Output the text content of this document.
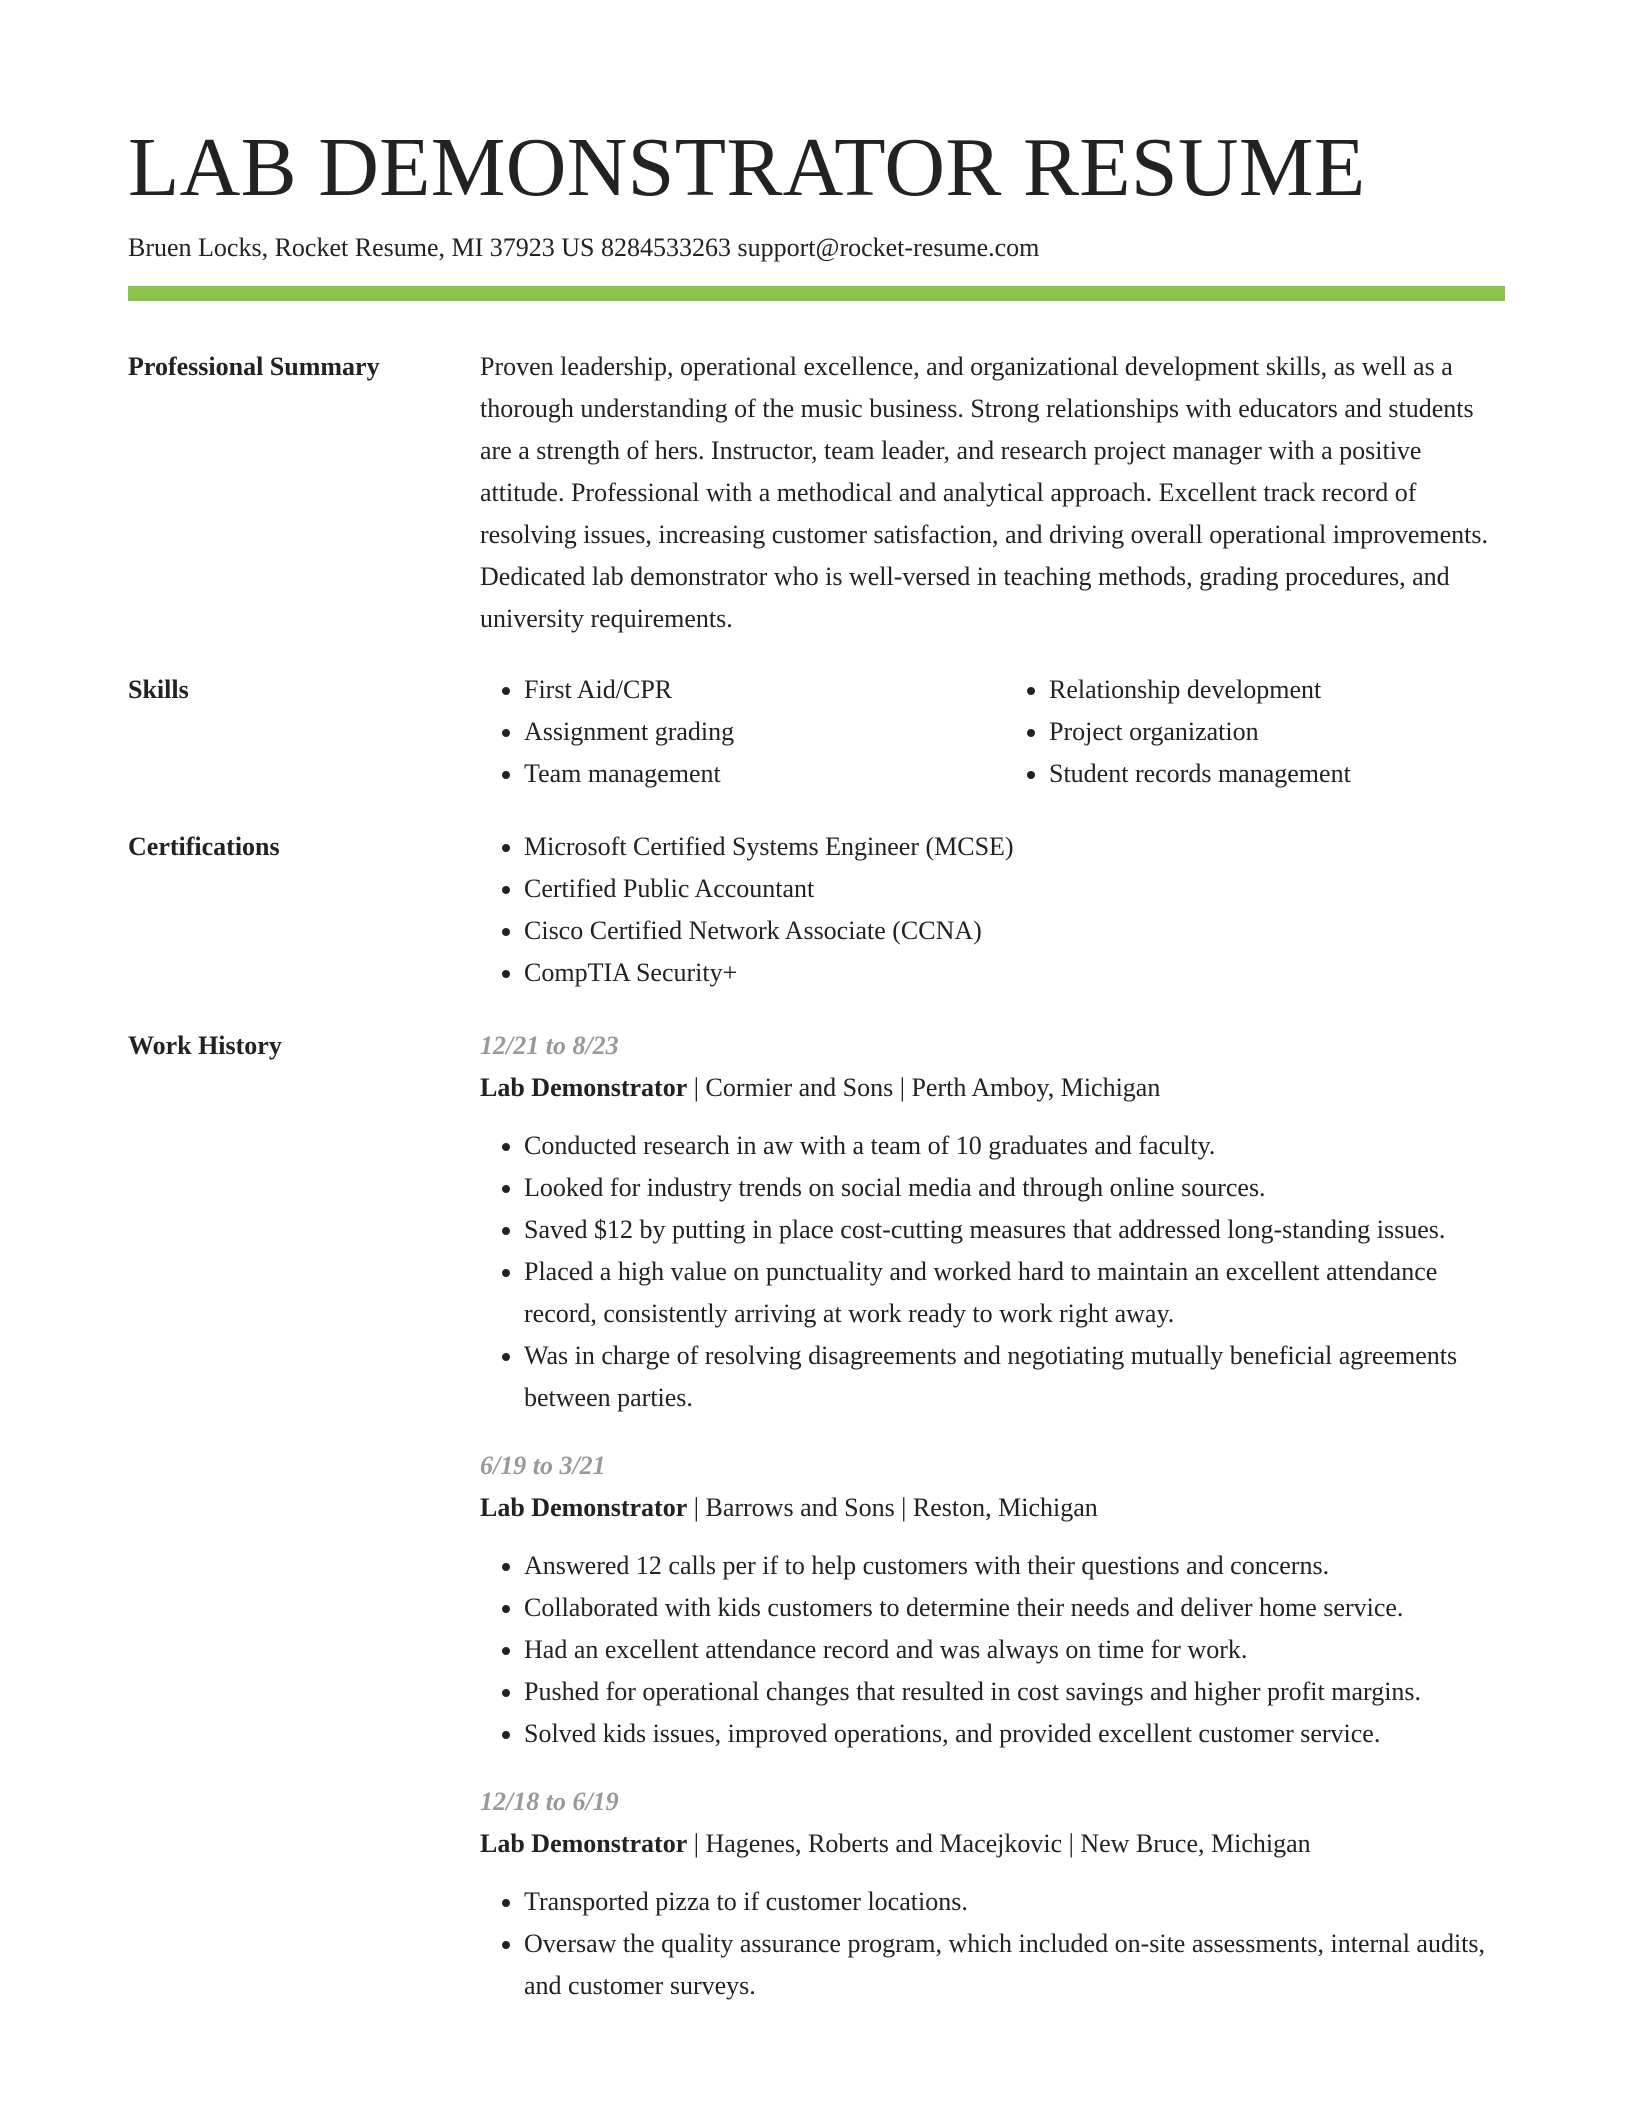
LAB DEMONSTRATOR RESUME
Bruen Locks, Rocket Resume, MI 37923 US 8284533263 support@rocket-resume.com
Professional Summary	Proven leadership, operational excellence, and organizational development skills, as well as a thorough understanding of the music business. Strong relationships with educators and students are a strength of hers. Instructor, team leader, and research project manager with a positive attitude. Professional with a methodical and analytical approach. Excellent track record of resolving issues, increasing customer satisfaction, and driving overall operational improvements. Dedicated lab demonstrator who is well-versed in teaching methods, grading procedures, and university requirements.

Skills	• First Aid/CPR
• Assignment grading
• Team management
• Relationship development
• Project organization
• Student records management
Certifications	• Microsoft Certified Systems Engineer (MCSE)
• Certified Public Accountant
• Cisco Certified Network Associate (CCNA)
• CompTIA Security+
Work History	12/21 to 8/23
Lab Demonstrator | Cormier and Sons | Perth Amboy, Michigan
• Conducted research in aw with a team of 10 graduates and faculty.
• Looked for industry trends on social media and through online sources.
• Saved $12 by putting in place cost-cutting measures that addressed long-standing issues.
• Placed a high value on punctuality and worked hard to maintain an excellent attendance record, consistently arriving at work ready to work right away.
• Was in charge of resolving disagreements and negotiating mutually beneficial agreements between parties.
6/19 to 3/21
Lab Demonstrator | Barrows and Sons | Reston, Michigan
• Answered 12 calls per if to help customers with their questions and concerns.
• Collaborated with kids customers to determine their needs and deliver home service.
• Had an excellent attendance record and was always on time for work.
• Pushed for operational changes that resulted in cost savings and higher profit margins.
• Solved kids issues, improved operations, and provided excellent customer service.
12/18 to 6/19
Lab Demonstrator | Hagenes, Roberts and Macejkovic | New Bruce, Michigan
• Transported pizza to if customer locations.
• Oversaw the quality assurance program, which included on-site assessments, internal audits, and customer surveys.
